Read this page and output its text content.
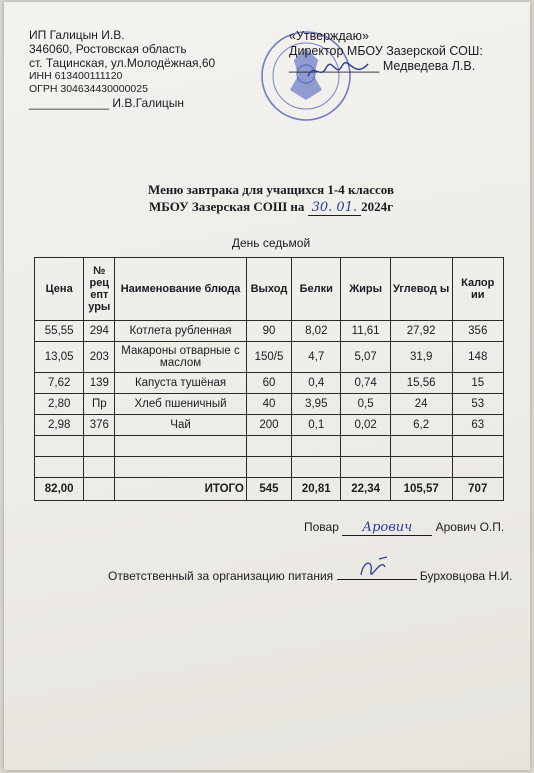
ИП Галицын И.В.
346060, Ростовская область
ст. Тацинская, ул.Молодёжная,60
ИНН 613400111120
ОГРН 304634430000025
____________ И.В.Галицын
«Утверждаю»
Директор МБОУ Зазерской СОШ:
_____________ Медведева Л.В.
Меню завтрака для учащихся 1-4 классов
МБОУ Зазерская СОШ на 30. 01. 2024г
День седьмой
Цена	№ рец епт уры	Наименование блюда	Выход	Белки	Жиры	Углевод ы	Калор ии
55,55	294	Котлета рубленная	90	8,02	11,61	27,92	356
13,05	203	Макароны отварные с маслом	150/5	4,7	5,07	31,9	148
7,62	139	Капуста тушёная	60	0,4	0,74	15,56	15
2,80	Пр	Хлеб пшеничный	40	3,95	0,5	24	53
2,98	376	Чай	200	0,1	0,02	6,2	63

82,00		ИТОГО	545	20,81	22,34	105,57	707
Повар Арович Арович О.П.
Ответственный за организацию питания	Бурховцова Н.И.
